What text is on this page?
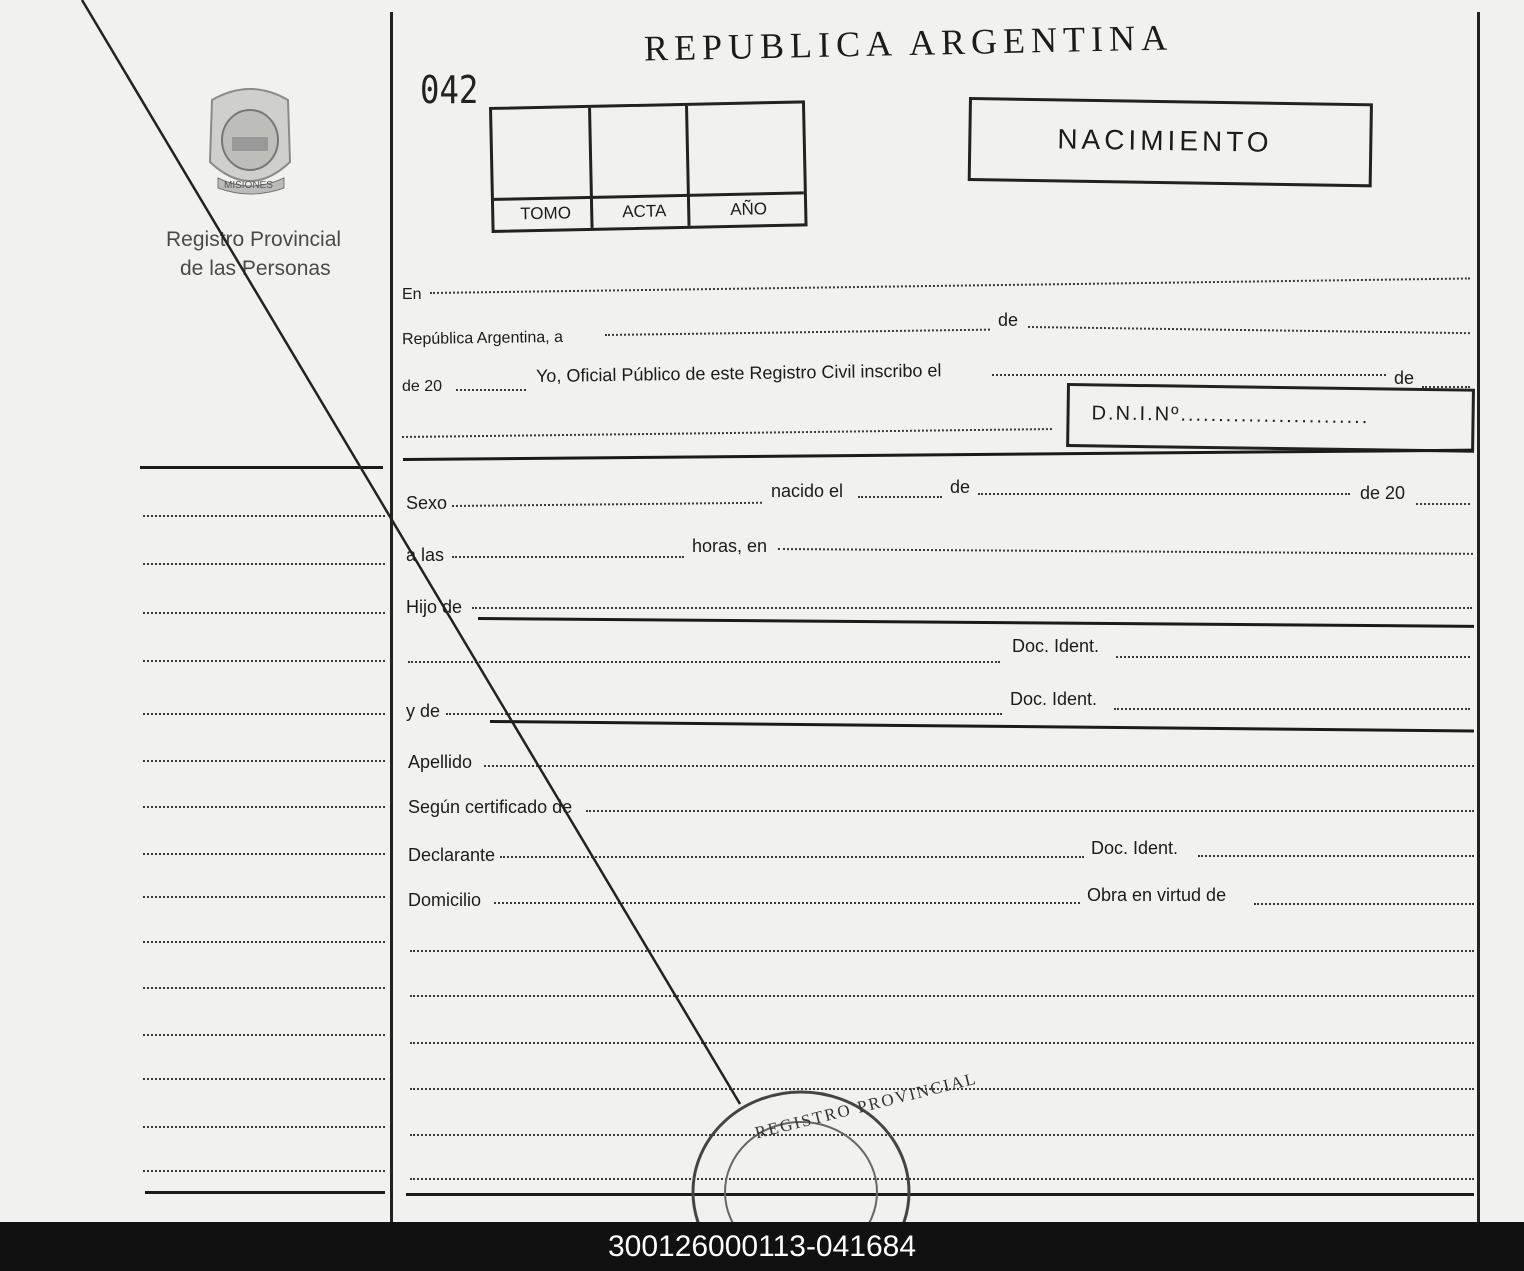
REPUBLICA ARGENTINA
042
TOMO	ACTA	AÑO
NACIMIENTO
MISIONES
Registro Provincial
de las Personas
En
República Argentina, a
de
de 20
Yo, Oficial Público de este Registro Civil inscribo el	de
D.N.I.Nº.........................
Sexo
nacido el	de	de 20
a las	horas, en
Hijo de
Doc. Ident.
y de
Doc. Ident.
Apellido
Según certificado de
Declarante	Doc. Ident.
Domicilio	Obra en virtud de
REGISTRO PROVINCIAL
300126000113-041684
